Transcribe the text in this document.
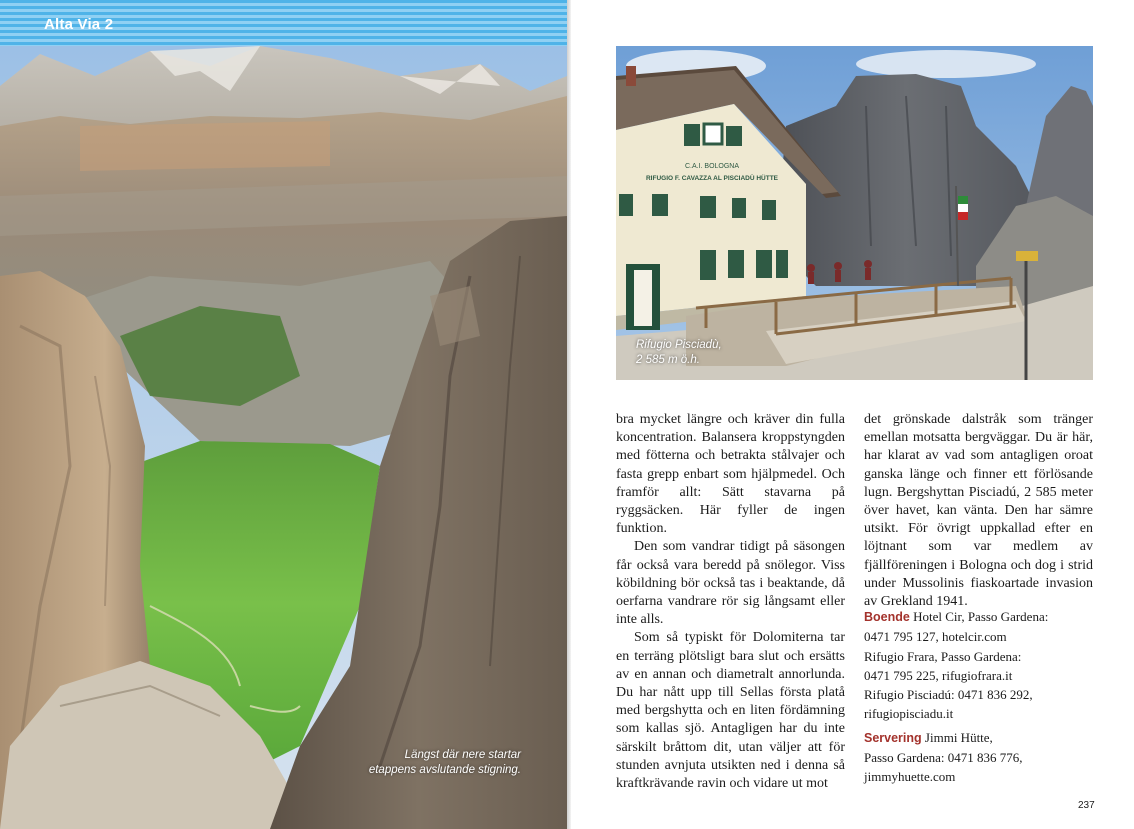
Alta Via 2
Längst där nere startar
etappens avslutande stigning.
C.A.I. BOLOGNA
RIFUGIO F. CAVAZZA AL PISCIADÙ HÜTTE
Rifugio Pisciadù,
2 585 m ö.h.

bra mycket längre och kräver din fulla koncentration. Balansera kroppstyngden med fötterna och betrakta stålvajer och fasta grepp enbart som hjälpmedel. Och framför allt: Sätt stavarna på ryggsäcken. Här fyller de ingen funktion.

Den som vandrar tidigt på säsongen får också vara beredd på snölegor. Viss köbildning bör också tas i beaktande, då oerfarna vandrare rör sig långsamt eller inte alls.

Som så typiskt för Dolomiterna tar en terräng plötsligt bara slut och ersätts av en annan och diametralt annorlunda. Du har nått upp till Sellas första platå med bergshytta och en liten fördämning som kallas sjö. Antagligen har du inte särskilt bråttom dit, utan väljer att för stunden avnjuta utsikten ned i denna så kraftkrävande ravin och vidare ut mot

det grönskade dalstråk som tränger emellan motsatta bergväggar. Du är här, har klarat av vad som antagligen oroat ganska länge och finner ett förlösande lugn. Bergshyttan Pisciadú, 2 585 meter över havet, kan vänta. Den har sämre utsikt. För övrigt uppkallad efter en löjtnant som var medlem av fjällföreningen i Bologna och dog i strid under Mussolinis fiaskoartade invasion av Grekland 1941.

Boende Hotel Cir, Passo Gardena:
0471 795 127, hotelcir.com
Rifugio Frara, Passo Gardena:
0471 795 225, rifugiofrara.it
Rifugio Pisciadú: 0471 836 292,
rifugiopisciadu.it
Servering Jimmi Hütte,
Passo Gardena: 0471 836 776,
jimmyhuette.com
237
